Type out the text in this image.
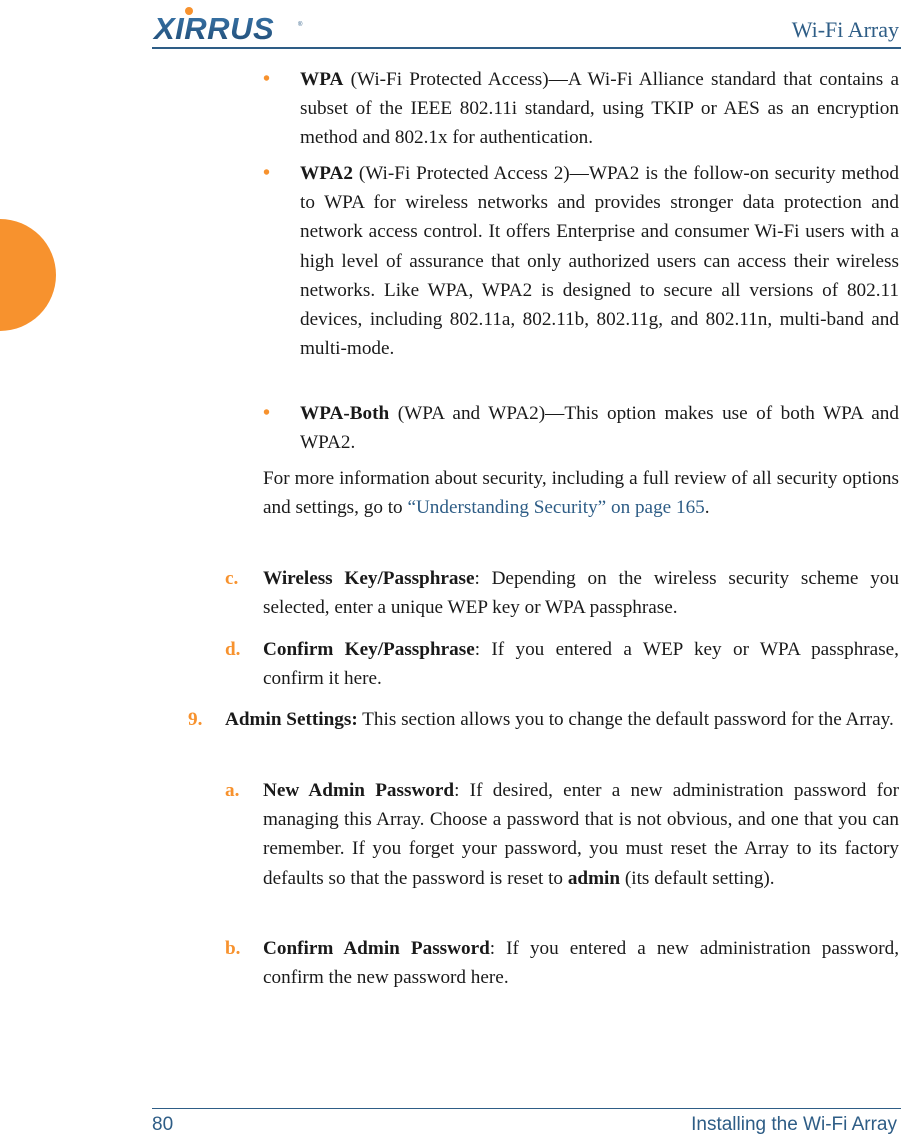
XIRRUS	®	Wi-Fi Array
• WPA (Wi-Fi Protected Access)—A Wi-Fi Alliance standard that contains a subset of the IEEE 802.11i standard, using TKIP or AES as an encryption method and 802.1x for authentication.

• WPA2 (Wi-Fi Protected Access 2)—WPA2 is the follow-on security method to WPA for wireless networks and provides stronger data protection and network access control. It offers Enterprise and consumer Wi-Fi users with a high level of assurance that only authorized users can access their wireless networks. Like WPA, WPA2 is designed to secure all versions of 802.11 devices, including 802.11a, 802.11b, 802.11g, and 802.11n, multi-band and multi-mode.

• WPA-Both (WPA and WPA2)—This option makes use of both WPA and WPA2.

For more information about security, including a full review of all security options and settings, go to “Understanding Security” on page 165.

c. Wireless Key/Passphrase: Depending on the wireless security scheme you selected, enter a unique WEP key or WPA passphrase.

d. Confirm Key/Passphrase: If you entered a WEP key or WPA passphrase, confirm it here.

9. Admin Settings: This section allows you to change the default password for the Array.

a. New Admin Password: If desired, enter a new administration password for managing this Array. Choose a password that is not obvious, and one that you can remember. If you forget your password, you must reset the Array to its factory defaults so that the password is reset to admin (its default setting).

b. Confirm Admin Password: If you entered a new administration password, confirm the new password here.

80	Installing the Wi-Fi Array
